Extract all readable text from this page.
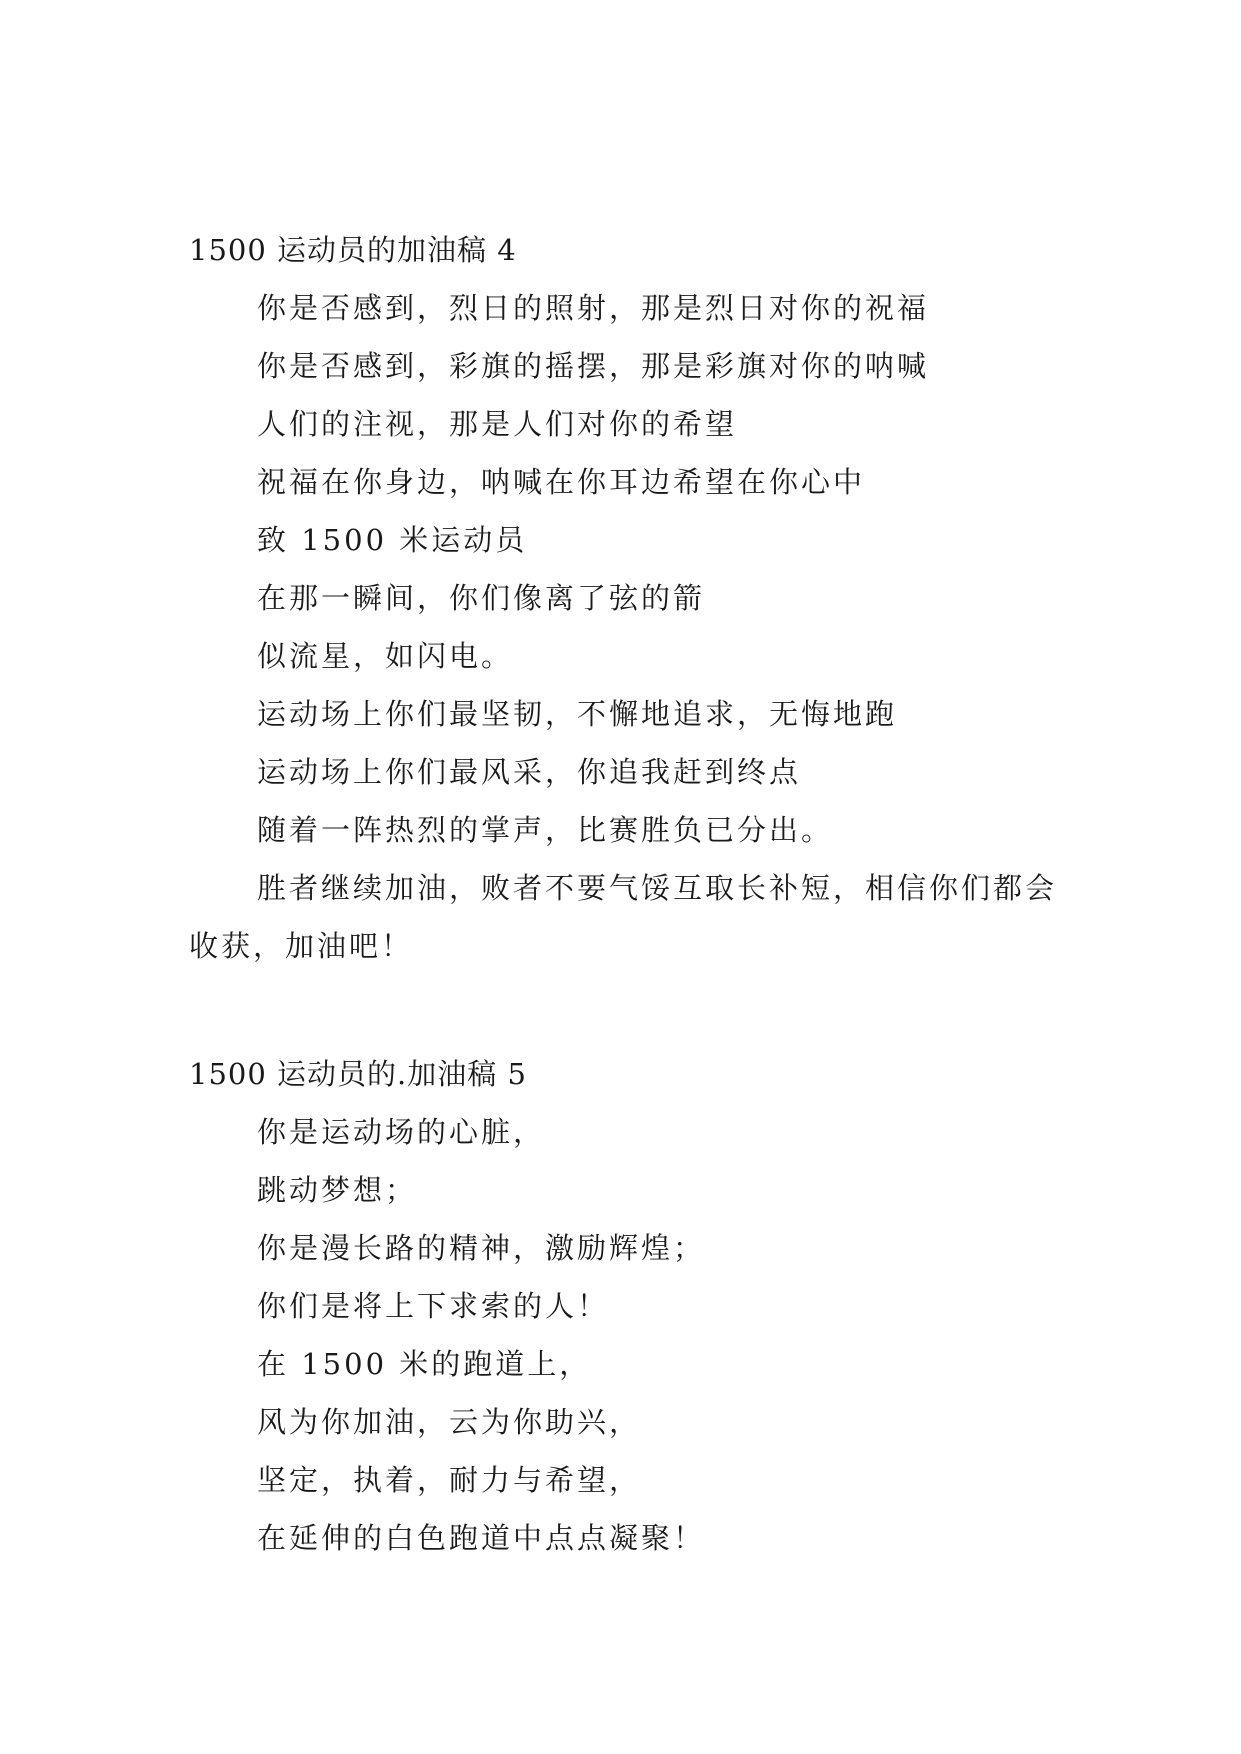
1500 运动员的加油稿 4
你是否感到，烈日的照射，那是烈日对你的祝福
你是否感到，彩旗的摇摆，那是彩旗对你的呐喊
人们的注视，那是人们对你的希望
祝福在你身边，呐喊在你耳边希望在你心中
致 1500 米运动员
在那一瞬间，你们像离了弦的箭
似流星，如闪电。
运动场上你们最坚韧，不懈地追求，无悔地跑
运动场上你们最风采，你追我赶到终点
随着一阵热烈的掌声，比赛胜负已分出。
胜者继续加油，败者不要气馁互取长补短，相信你们都会收获，加油吧！
1500 运动员的.加油稿 5
你是运动场的心脏，
跳动梦想；
你是漫长路的精神，激励辉煌；
你们是将上下求索的人！
在 1500 米的跑道上，
风为你加油，云为你助兴，
坚定，执着，耐力与希望，
在延伸的白色跑道中点点凝聚！
